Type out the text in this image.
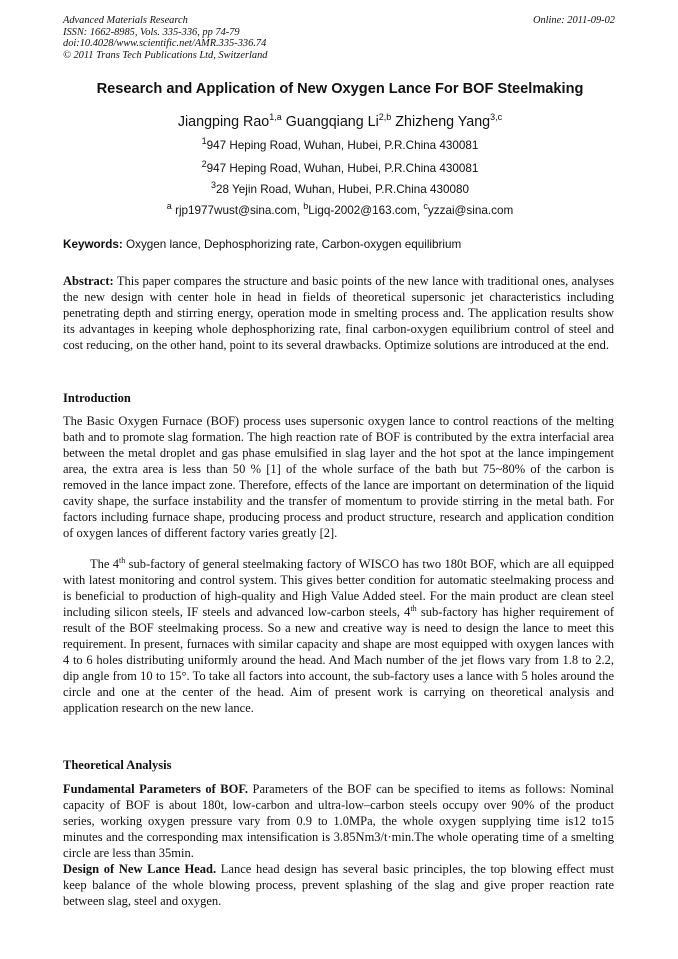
Advanced Materials Research
ISSN: 1662-8985, Vols. 335-336, pp 74-79
doi:10.4028/www.scientific.net/AMR.335-336.74
© 2011 Trans Tech Publications Ltd, Switzerland
Online: 2011-09-02
Research and Application of New Oxygen Lance For BOF Steelmaking
Jiangping Rao$^{1,a}$ Guangqiang Li$^{2,b}$ Zhizheng Yang$^{3,c}$
$^1$947 Heping Road, Wuhan, Hubei, P.R.China 430081
$^2$947 Heping Road, Wuhan, Hubei, P.R.China 430081
$^3$28 Yejin Road, Wuhan, Hubei, P.R.China 430080
$^a$ rjp1977wust@sina.com, $^b$Ligq-2002@163.com, $^c$yzzai@sina.com
Keywords: Oxygen lance, Dephosphorizing rate, Carbon-oxygen equilibrium
Abstract: This paper compares the structure and basic points of the new lance with traditional ones, analyses the new design with center hole in head in fields of theoretical supersonic jet characteristics including penetrating depth and stirring energy, operation mode in smelting process and. The application results show its advantages in keeping whole dephosphorizing rate, final carbon-oxygen equilibrium control of steel and cost reducing, on the other hand, point to its several drawbacks. Optimize solutions are introduced at the end.
Introduction
The Basic Oxygen Furnace (BOF) process uses supersonic oxygen lance to control reactions of the melting bath and to promote slag formation. The high reaction rate of BOF is contributed by the extra interfacial area between the metal droplet and gas phase emulsified in slag layer and the hot spot at the lance impingement area, the extra area is less than 50 % [1] of the whole surface of the bath but 75~80% of the carbon is removed in the lance impact zone. Therefore, effects of the lance are important on determination of the liquid cavity shape, the surface instability and the transfer of momentum to provide stirring in the metal bath. For factors including furnace shape, producing process and product structure, research and application condition of oxygen lances of different factory varies greatly [2].
The 4th sub-factory of general steelmaking factory of WISCO has two 180t BOF, which are all equipped with latest monitoring and control system. This gives better condition for automatic steelmaking process and is beneficial to production of high-quality and High Value Added steel. For the main product are clean steel including silicon steels, IF steels and advanced low-carbon steels, 4th sub-factory has higher requirement of result of the BOF steelmaking process. So a new and creative way is need to design the lance to meet this requirement. In present, furnaces with similar capacity and shape are most equipped with oxygen lances with 4 to 6 holes distributing uniformly around the head. And Mach number of the jet flows vary from 1.8 to 2.2, dip angle from 10 to 15°. To take all factors into account, the sub-factory uses a lance with 5 holes around the circle and one at the center of the head. Aim of present work is carrying on theoretical analysis and application research on the new lance.
Theoretical Analysis
Fundamental Parameters of BOF. Parameters of the BOF can be specified to items as follows: Nominal capacity of BOF is about 180t, low-carbon and ultra-low–carbon steels occupy over 90% of the product series, working oxygen pressure vary from 0.9 to 1.0MPa, the whole oxygen supplying time is12 to15 minutes and the corresponding max intensification is 3.85Nm3/t·min.The whole operating time of a smelting circle are less than 35min.
Design of New Lance Head. Lance head design has several basic principles, the top blowing effect must keep balance of the whole blowing process, prevent splashing of the slag and give proper reaction rate between slag, steel and oxygen.
